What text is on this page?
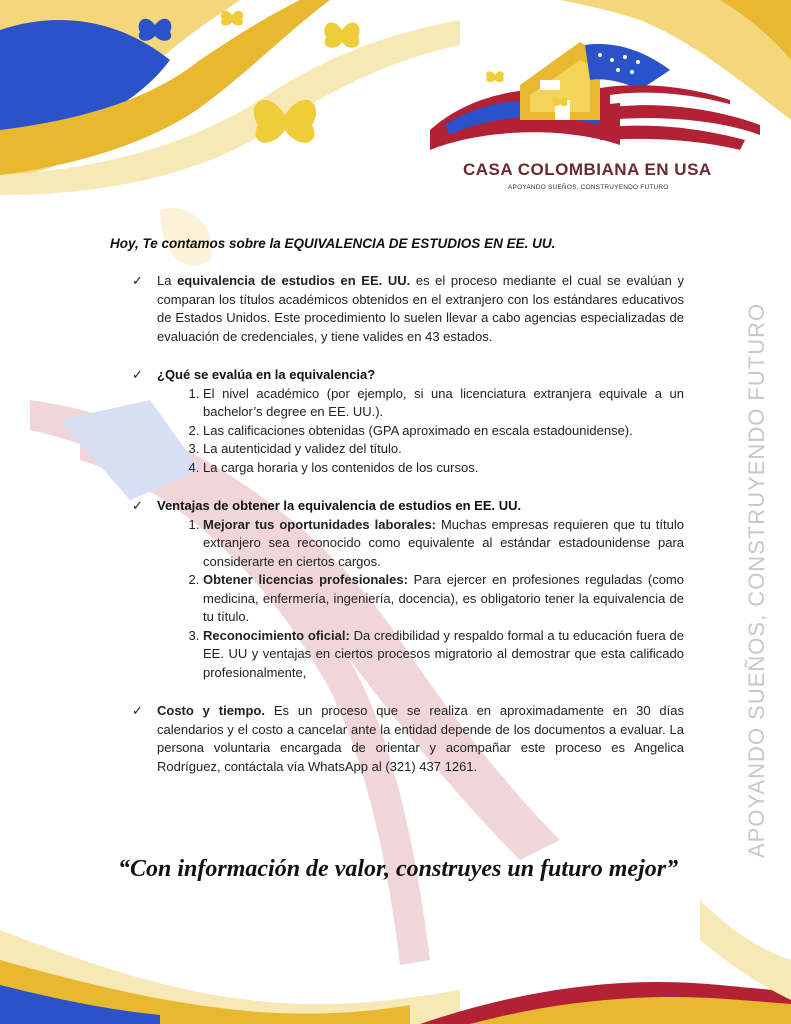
CASA COLOMBIANA EN USA
APOYANDO SUEÑOS, CONSTRUYENDO FUTURO
APOYANDO SUEÑOS, CONSTRUYENDO FUTURO
Hoy, Te contamos sobre la EQUIVALENCIA DE ESTUDIOS EN EE. UU.
✓ La equivalencia de estudios en EE. UU. es el proceso mediante el cual se evalúan y comparan los títulos académicos obtenidos en el extranjero con los estándares educativos de Estados Unidos. Este procedimiento lo suelen llevar a cabo agencias especializadas de evaluación de credenciales, y tiene valides en 43 estados.
✓ ¿Qué se evalúa en la equivalencia?
1. El nivel académico (por ejemplo, si una licenciatura extranjera equivale a un bachelor’s degree en EE. UU.).
2. Las calificaciones obtenidas (GPA aproximado en escala estadounidense).
3. La autenticidad y validez del título.
4. La carga horaria y los contenidos de los cursos.
✓ Ventajas de obtener la equivalencia de estudios en EE. UU.
1. Mejorar tus oportunidades laborales: Muchas empresas requieren que tu título extranjero sea reconocido como equivalente al estándar estadounidense para considerarte en ciertos cargos.
2. Obtener licencias profesionales: Para ejercer en profesiones reguladas (como medicina, enfermería, ingeniería, docencia), es obligatorio tener la equivalencia de tu título.
3. Reconocimiento oficial: Da credibilidad y respaldo formal a tu educación fuera de EE. UU y ventajas en ciertos procesos migratorio al demostrar que esta calificado profesionalmente,
✓ Costo y tiempo. Es un proceso que se realiza en aproximadamente en 30 días calendarios y el costo a cancelar ante la entidad depende de los documentos a evaluar. La persona voluntaria encargada de orientar y acompañar este proceso es Angelica Rodríguez, contáctala vía WhatsApp al (321) 437 1261.
“Con información de valor, construyes un futuro mejor”
